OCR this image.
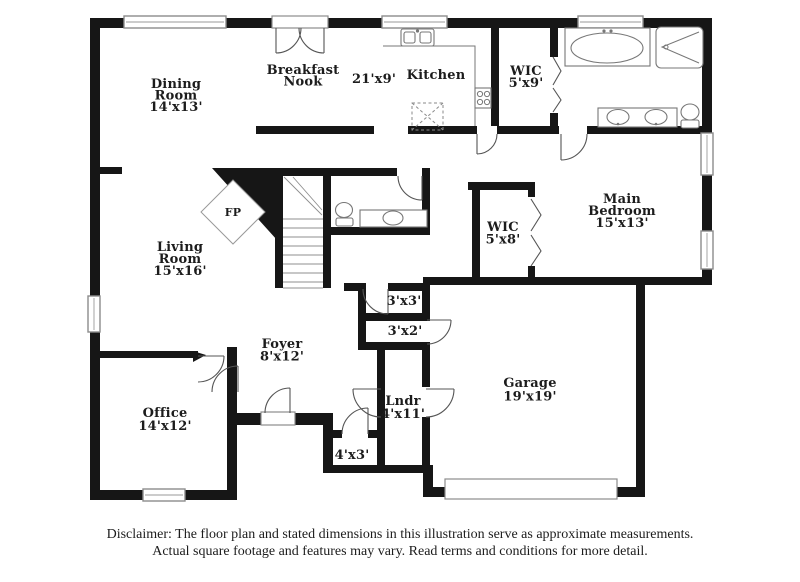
Dining Room 14'x13'
Breakfast Nook	21'x9' Kitchen	WIC 5'x9'
Main Bedroom 15'x13'
WIC 5'x8'
FP
Living Room 15'x16'
Foyer 8'x12'
3'x3'
3'x2'
Office 14'x12'
Lndr 4'x11'
4'x3'
Garage 19'x19'
Disclaimer: The floor plan and stated dimensions in this illustration serve as approximate measurements.
Actual square footage and features may vary. Read terms and conditions for more detail.
